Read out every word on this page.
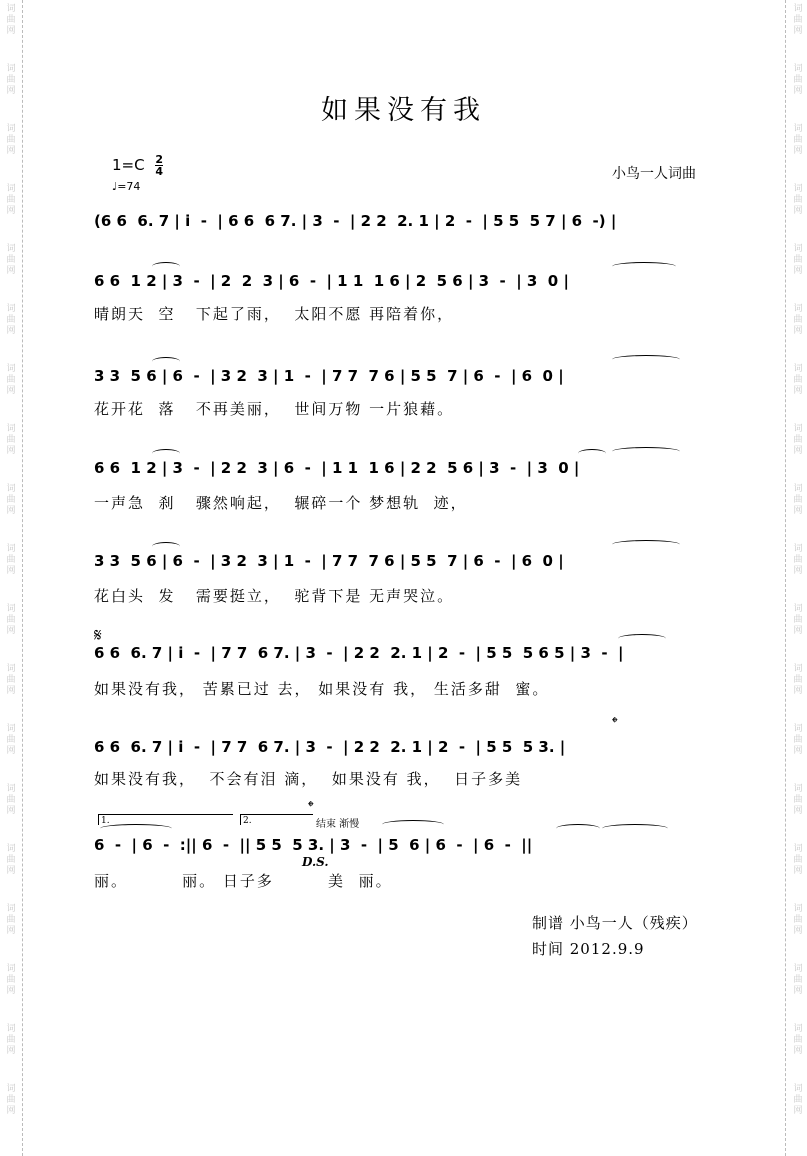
词
曲
网
词
曲
网
词
曲
网
词
曲
网
词
曲
网
词
曲
网
词
曲
网
词
曲
网
词
曲
网
词
曲
网
词
曲
网
词
曲
网
词
曲
网
词
曲
网
词
曲
网
词
曲
网
词
曲
网
词
曲
网
词
曲
网
词
曲
网
词
曲
网
词
曲
网
词
曲
网
词
曲
网
词
曲
网
词
曲
网
词
曲
网
词
曲
网
词
曲
网
词
曲
网
词
曲
网
词
曲
网
词
曲
网
词
曲
网
词
曲
网
词
曲
网
词
曲
网
词
曲
网
如果没有我
$1=C \frac{2}{4}$
♩=74
小鸟一人词曲
(6 6  6. 7 | i  -  | 6 6  6 7. | 3  -  | 2 2  2. 1 | 2  -  | 5 5  5 7 | 6  -) |
6 6  1 2 | 3  -  | 2  2  3 | 6  -  | 1 1  1 6 | 2  5 6 | 3  -  | 3  0 |
晴朗天  空   下起了雨，  太阳不愿 再陪着你，
3 3  5 6 | 6  -  | 3 2  3 | 1  -  | 7 7  7 6 | 5 5  7 | 6  -  | 6  0 |
花开花  落   不再美丽，  世间万物 一片狼藉。
6 6  1 2 | 3  -  | 2 2  3 | 6  -  | 1 1  1 6 | 2 2  5 6 | 3  -  | 3  0 |
一声急  刹   骤然响起，  辗碎一个 梦想轨  迹，
3 3  5 6 | 6  -  | 3 2  3 | 1  -  | 7 7  7 6 | 5 5  7 | 6  -  | 6  0 |
花白头  发   需要挺立，  驼背下是 无声哭泣。
𝄋
6 6  6. 7 | i  -  | 7 7  6 7. | 3  -  | 2 2  2. 1 | 2  -  | 5 5  5 6 5 | 3  -  |
如果没有我， 苦累已过 去， 如果没有 我， 生活多甜  蜜。
𝄌
6 6  6. 7 | i  -  | 7 7  6 7. | 3  -  | 2 2  2. 1 | 2  -  | 5 5  5 3. |
如果没有我，  不会有泪 滴，  如果没有 我，  日子多美
1.	2.
𝄌
结束 渐慢
6  -  | 6  -  :|| 6  -  || 5 5  5 3. | 3  -  | 5  6 | 6  -  | 6  -  ||
D.S.
丽。        丽。 日子多        美  丽。
制谱 小鸟一人（残疾）
时间 2012.9.9
